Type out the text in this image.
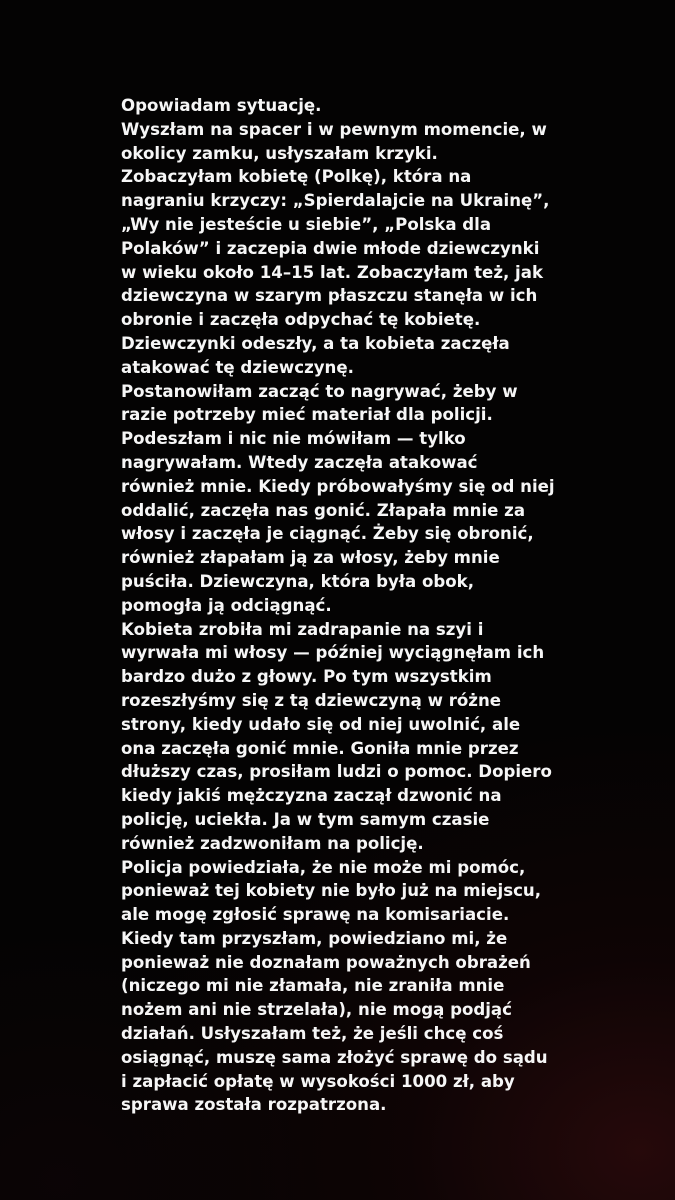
Opowiadam sytuację.
Wyszłam na spacer i w pewnym momencie, w
okolicy zamku, usłyszałam krzyki.
Zobaczyłam kobietę (Polkę), która na
nagraniu krzyczy: „Spierdalajcie na Ukrainę”,
„Wy nie jesteście u siebie”, „Polska dla
Polaków” i zaczepia dwie młode dziewczynki
w wieku około 14–15 lat. Zobaczyłam też, jak
dziewczyna w szarym płaszczu stanęła w ich
obronie i zaczęła odpychać tę kobietę.
Dziewczynki odeszły, a ta kobieta zaczęła
atakować tę dziewczynę.
Postanowiłam zacząć to nagrywać, żeby w
razie potrzeby mieć materiał dla policji.
Podeszłam i nic nie mówiłam — tylko
nagrywałam. Wtedy zaczęła atakować
również mnie. Kiedy próbowałyśmy się od niej
oddalić, zaczęła nas gonić. Złapała mnie za
włosy i zaczęła je ciągnąć. Żeby się obronić,
również złapałam ją za włosy, żeby mnie
puściła. Dziewczyna, która była obok,
pomogła ją odciągnąć.
Kobieta zrobiła mi zadrapanie na szyi i
wyrwała mi włosy — później wyciągnęłam ich
bardzo dużo z głowy. Po tym wszystkim
rozeszłyśmy się z tą dziewczyną w różne
strony, kiedy udało się od niej uwolnić, ale
ona zaczęła gonić mnie. Goniła mnie przez
dłuższy czas, prosiłam ludzi o pomoc. Dopiero
kiedy jakiś mężczyzna zaczął dzwonić na
policję, uciekła. Ja w tym samym czasie
również zadzwoniłam na policję.
Policja powiedziała, że nie może mi pomóc,
ponieważ tej kobiety nie było już na miejscu,
ale mogę zgłosić sprawę na komisariacie.
Kiedy tam przyszłam, powiedziano mi, że
ponieważ nie doznałam poważnych obrażeń
(niczego mi nie złamała, nie zraniła mnie
nożem ani nie strzelała), nie mogą podjąć
działań. Usłyszałam też, że jeśli chcę coś
osiągnąć, muszę sama złożyć sprawę do sądu
i zapłacić opłatę w wysokości 1000 zł, aby
sprawa została rozpatrzona.
